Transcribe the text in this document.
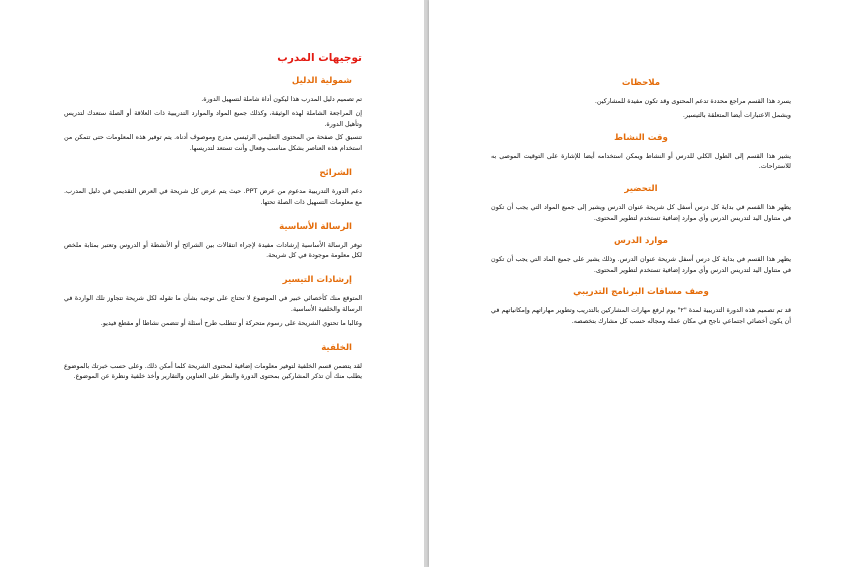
توجيهات المدرب
شمولية الدليل

تم تصميم دليل المدرب هذا ليكون أداة شاملة لتسهيل الدورة.

إن المراجعة الشاملة لهذه الوثيقة، وكذلك جميع المواد والموارد التدريبية ذات العلاقة أو الصلة ستعدك لتدريس وتأهيل الدورة.

تنسيق كل صفحة من المحتوى التعليمي الرئيسي مدرج وموصوف أدناه. يتم توفير هذه المعلومات حتى تتمكن من استخدام هذه العناصر بشكل مناسب وفعال وأنت تستعد لتدريسها.

الشرائح

دعم الدورة التدريبية مدعوم من عرض PPT. حيث يتم عرض كل شريحة في العرض التقديمي في دليل المدرب. مع معلومات التسهيل ذات الصلة تحتها.

الرسالة الأساسية

توفر الرسالة الأساسية إرشادات مفيدة لإجراء انتقالات بين الشرائح أو الأنشطة أو الدروس وتعتبر بمثابة ملخص لكل معلومة موجودة في كل شريحة.

إرشادات التيسير

المتوقع منك كأخصائي خبير في الموضوع لا تحتاج على توجيه بشأن ما تقوله لكل شريحة تتجاوز تلك الواردة في الرسالة والخلفية الأساسية.

وغالبا ما تحتوي الشريحة على رسوم متحركة أو تتطلب طرح أسئلة أو تتضمن نشاطا أو مقطع فيديو.

الخلفية

لقد يتضمن قسم الخلفية لتوفير معلومات إضافية لمحتوى الشريحة كلما أمكن ذلك. وعلى حسب خبرتك بالموضوع يطلب منك أن تذكر المشاركين بمحتوى الدورة والنظر على العناوين والتقارير وأخذ خلفية ونظرة عن الموضوع.

ملاحظات

يسرد هذا القسم مراجع محددة تدعم المحتوى وقد تكون مفيدة للمشاركين.

ويشمل الاعتبارات أيضا المتعلقة بالتيسير.

وقت النشاط

يشير هذا القسم إلى الطول الكلي للدرس أو النشاط ويمكن استخدامه أيضا للإشارة على التوقيت الموصى به للاستراحات.

التحضير

يظهر هذا القسم في بداية كل درس أسفل كل شريحة عنوان الدرس ويشير إلى جميع المواد التي يجب أن تكون في متناول اليد لتدريس الدرس وأي موارد إضافية تستخدم لتطوير المحتوى.

موارد الدرس

يظهر هذا القسم في بداية كل درس أسفل شريحة عنوان الدرس. وذلك يشير على جميع الماد التي يجب أن تكون في متناول اليد لتدريس الدرس وأي موارد إضافية تستخدم لتطوير المحتوى.

وصف مسافات البرنامج التدريبي

قد تم تصميم هذه الدورة التدريبية لمدة "٢" يوم لرفع مهارات المشاركين بالتدريب وتطوير مهاراتهم وإمكانياتهم في أن يكون أخصائي اجتماعي ناجح في مكان عمله ومجاله حسب كل مشارك بتخصصه.
